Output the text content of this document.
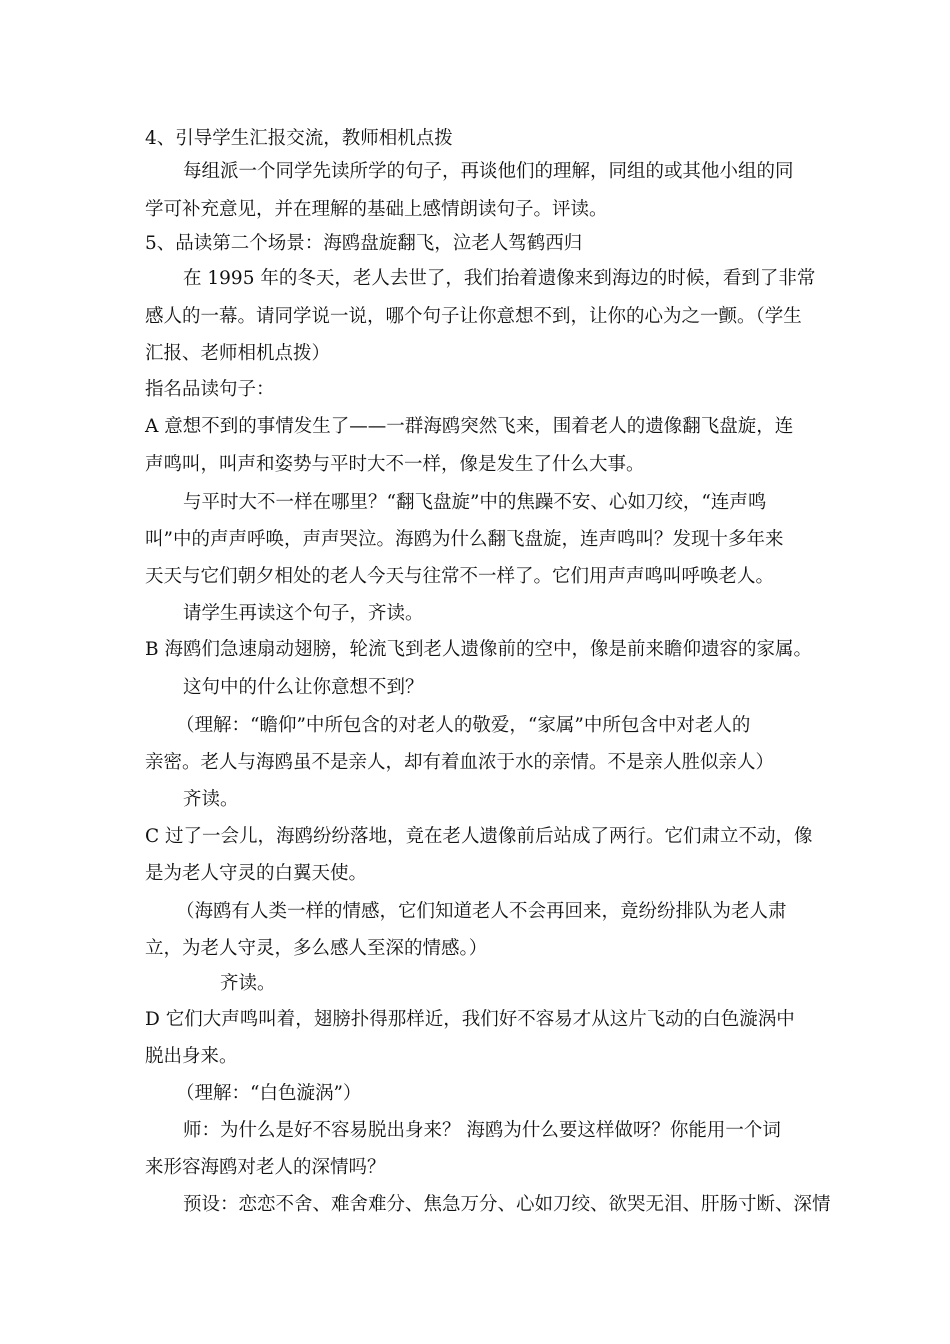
4、引导学生汇报交流，教师相机点拨
每组派一个同学先读所学的句子，再谈他们的理解，同组的或其他小组的同
学可补充意见，并在理解的基础上感情朗读句子。评读。
5、品读第二个场景：海鸥盘旋翻飞，泣老人驾鹤西归
在 1995 年的冬天，老人去世了，我们抬着遗像来到海边的时候，看到了非常
感人的一幕。请同学说一说，哪个句子让你意想不到，让你的心为之一颤。（学生
汇报、老师相机点拨）
指名品读句子：
A 意想不到的事情发生了——一群海鸥突然飞来，围着老人的遗像翻飞盘旋，连
声鸣叫，叫声和姿势与平时大不一样，像是发生了什么大事。
与平时大不一样在哪里？“翻飞盘旋”中的焦躁不安、心如刀绞，“连声鸣
叫”中的声声呼唤，声声哭泣。海鸥为什么翻飞盘旋，连声鸣叫？发现十多年来
天天与它们朝夕相处的老人今天与往常不一样了。它们用声声鸣叫呼唤老人。
请学生再读这个句子，齐读。
B 海鸥们急速扇动翅膀，轮流飞到老人遗像前的空中，像是前来瞻仰遗容的家属。
这句中的什么让你意想不到？
（理解：“瞻仰”中所包含的对老人的敬爱，“家属”中所包含中对老人的
亲密。老人与海鸥虽不是亲人，却有着血浓于水的亲情。不是亲人胜似亲人）
齐读。
C 过了一会儿，海鸥纷纷落地，竟在老人遗像前后站成了两行。它们肃立不动，像
是为老人守灵的白翼天使。
（海鸥有人类一样的情感，它们知道老人不会再回来，竟纷纷排队为老人肃
立，为老人守灵，多么感人至深的情感。）
齐读。
D 它们大声鸣叫着，翅膀扑得那样近，我们好不容易才从这片飞动的白色漩涡中
脱出身来。
（理解：“白色漩涡”）
师：为什么是好不容易脱出身来？ 海鸥为什么要这样做呀？你能用一个词
来形容海鸥对老人的深情吗？
预设：恋恋不舍、难舍难分、焦急万分、心如刀绞、欲哭无泪、肝肠寸断、深情
